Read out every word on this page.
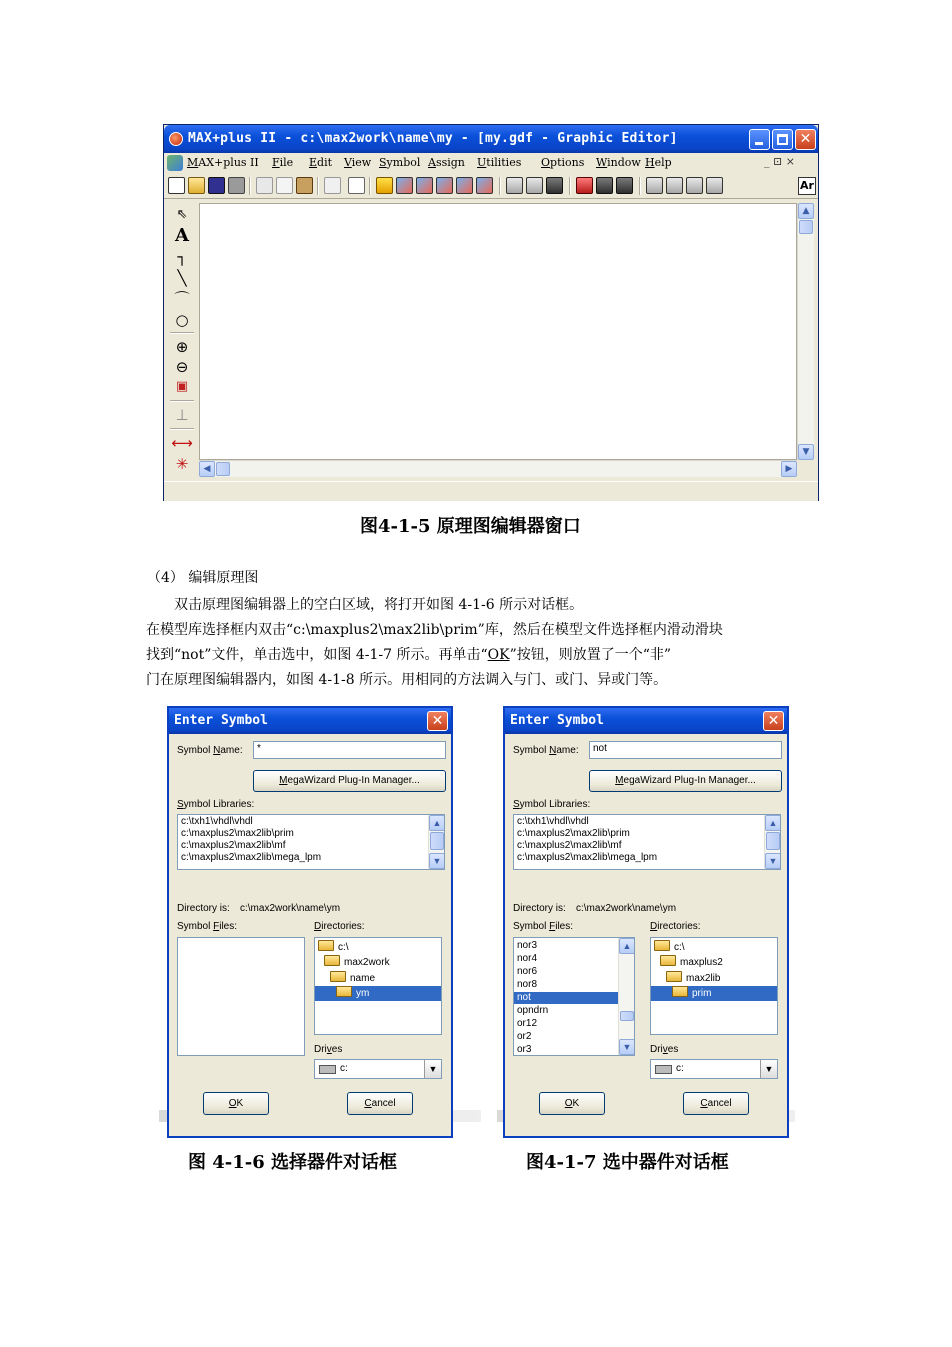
MAX+plus II - c:\max2work\name\my - [my.gdf - Graphic Editor]	✕
MAX+plus II File Edit View Symbol Assign Utilities Options Window Help	_ ⊡ ×
Ar
⇖
A
┐
╲
⌒
○
⊕
⊖
▣
⊥
⟷
✳
▲
▼
◀	▶
图4-1-5 原理图编辑器窗口
（4） 编辑原理图
双击原理图编辑器上的空白区域，将打开如图 4-1-6 所示对话框。
在模型库选择框内双击“c:\maxplus2\max2lib\prim”库，然后在模型文件选择框内滑动滑块
找到“not”文件，单击选中，如图 4-1-7 所示。再单击“OK”按钮，则放置了一个“非”
门在原理图编辑器内，如图 4-1-8 所示。用相同的方法调入与门、或门、异或门等。
Enter Symbol	✕
Symbol Name:	*
MegaWizard Plug-In Manager...
Symbol Libraries:
c:\txh1\vhdl\vhdl
c:\maxplus2\max2lib\prim
c:\maxplus2\max2lib\mf
c:\maxplus2\max2lib\mega_lpm
▲
▼
Directory is: c:\max2work\name\ym
Symbol Files:	Directories:
c:\
max2work
name
ym
Drives
c:	▼
OK	Cancel
Enter Symbol	✕
Symbol Name:	not
MegaWizard Plug-In Manager...
Symbol Libraries:
c:\txh1\vhdl\vhdl
c:\maxplus2\max2lib\prim
c:\maxplus2\max2lib\mf
c:\maxplus2\max2lib\mega_lpm
▲
▼
Directory is: c:\max2work\name\ym
Symbol Files:
nor3
nor4
nor6
nor8
not
opndrn
or12
or2
or3
▲
▼
Directories:
c:\
maxplus2
max2lib
prim
Drives
c:	▼
OK	Cancel
图 4-1-6 选择器件对话框	图4-1-7 选中器件对话框
